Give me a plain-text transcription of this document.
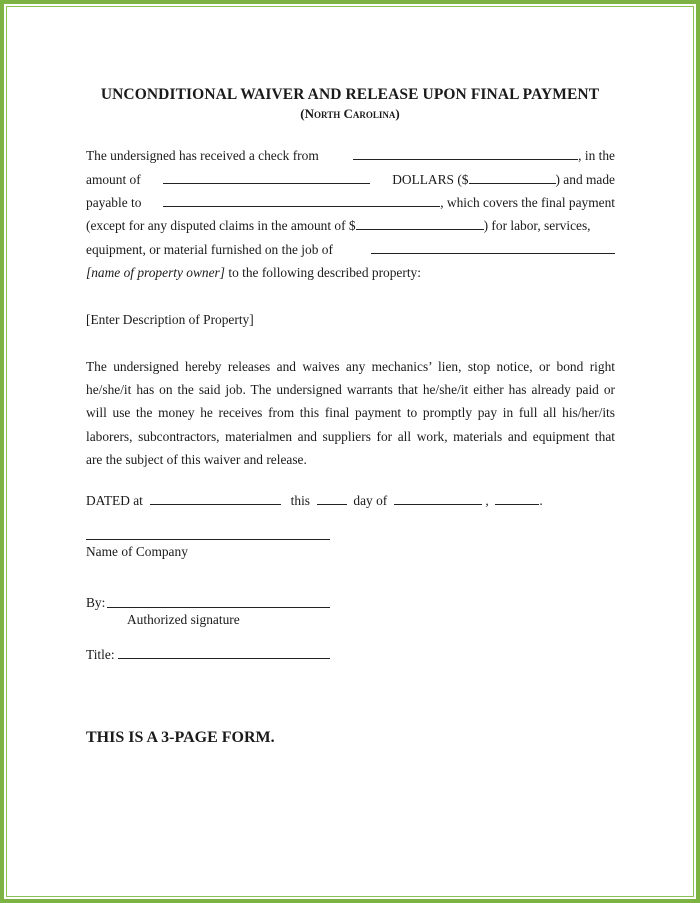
UNCONDITIONAL WAIVER AND RELEASE UPON FINAL PAYMENT
(North Carolina)
The undersigned has received a check from	, in the
amount of	DOLLARS ($	) and made
payable to	, which covers the final payment
(except for any disputed claims in the amount of $	) for labor, services,
equipment, or material furnished on the job of
[name of property owner]
to the following described property:
[Enter Description of Property]
The undersigned hereby releases and waives any mechanics’ lien, stop notice, or bond right
he/she/it has on the said job. The undersigned warrants that he/she/it either has already paid or
will use the money he receives from this final payment to promptly pay in full all his/her/its
laborers, subcontractors, materialmen and suppliers for all work, materials and equipment that
are the subject of this waiver and release.
DATED at

	this

	day of

	,
	.
Name of Company
By:
Authorized signature
Title:
THIS IS A 3-PAGE FORM.
